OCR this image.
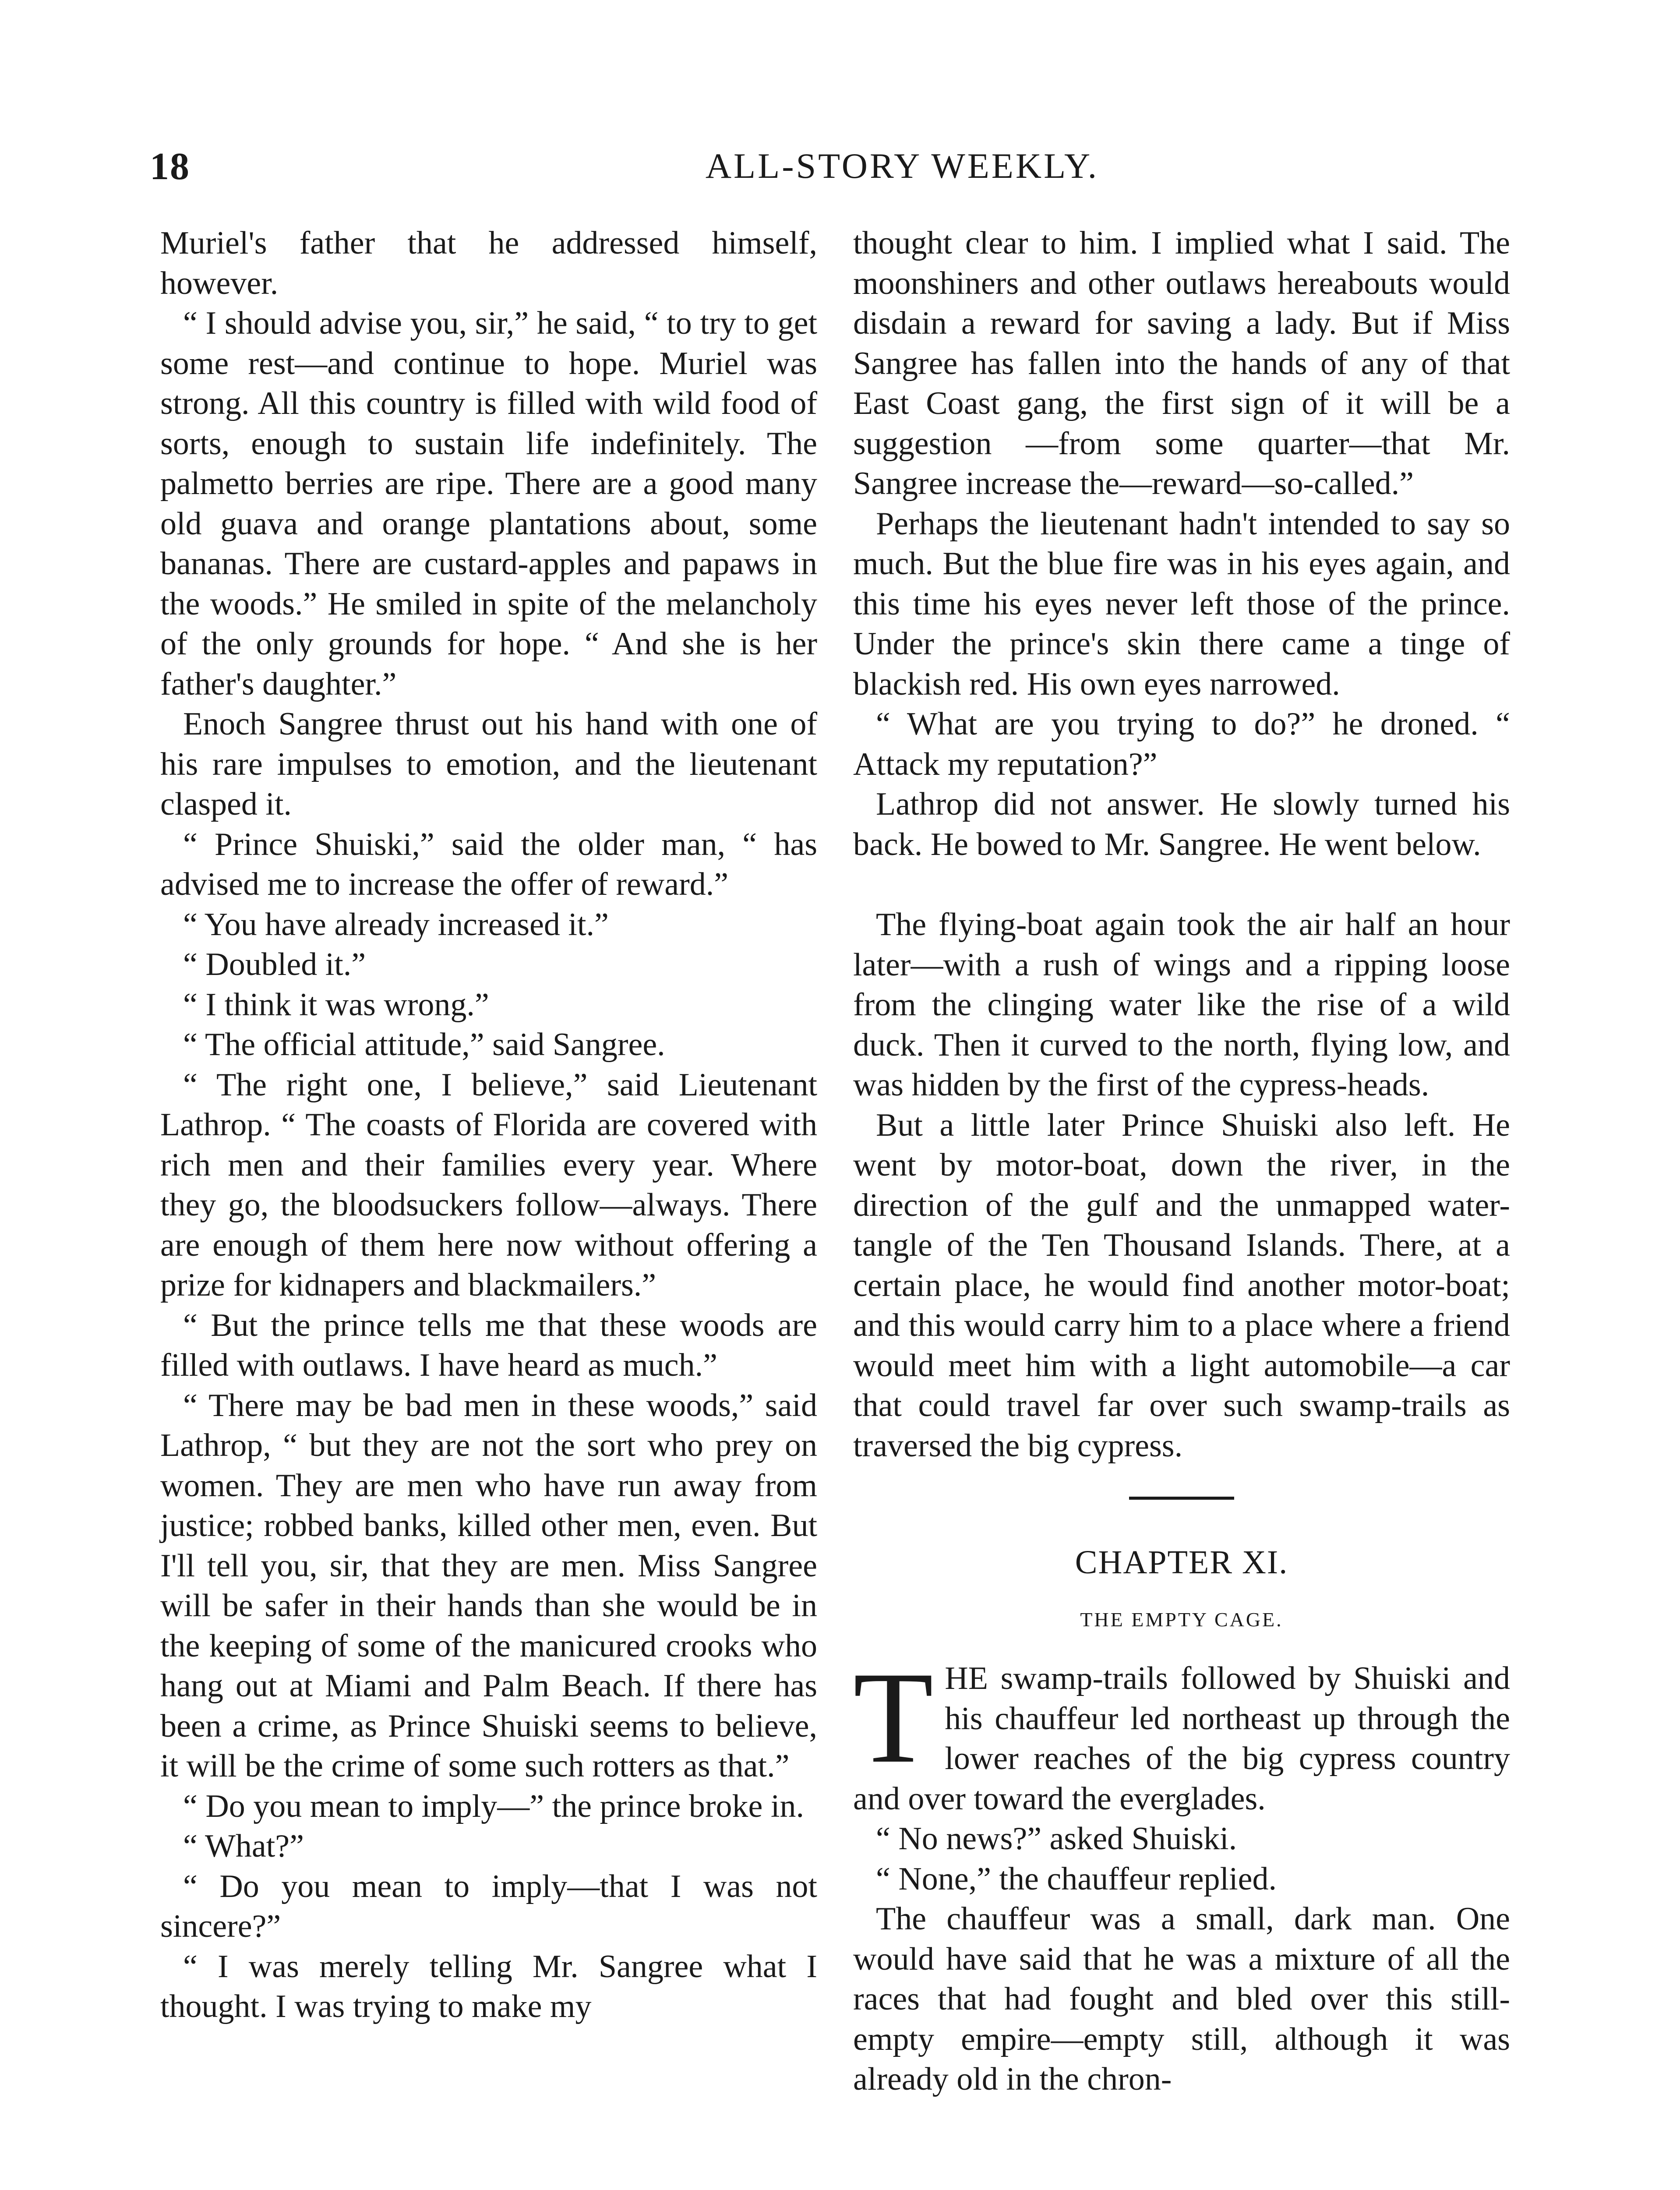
18	ALL-STORY WEEKLY.

Muriel's father that he addressed himself, however.

“ I should advise you, sir,” he said, “ to try to get some rest—and continue to hope. Muriel was strong. All this country is filled with wild food of sorts, enough to sustain life indefinitely. The palmetto berries are ripe. There are a good many old guava and orange plantations about, some bananas. There are custard-apples and papaws in the woods.” He smiled in spite of the melancholy of the only grounds for hope. “ And she is her father's daughter.”

Enoch Sangree thrust out his hand with one of his rare impulses to emotion, and the lieutenant clasped it.

“ Prince Shuiski,” said the older man, “ has advised me to increase the offer of reward.”

“ You have already increased it.”

“ Doubled it.”

“ I think it was wrong.”

“ The official attitude,” said Sangree.

“ The right one, I believe,” said Lieutenant Lathrop. “ The coasts of Florida are covered with rich men and their families every year. Where they go, the bloodsuckers follow—always. There are enough of them here now without offering a prize for kidnapers and blackmailers.”

“ But the prince tells me that these woods are filled with outlaws. I have heard as much.”

“ There may be bad men in these woods,” said Lathrop, “ but they are not the sort who prey on women. They are men who have run away from justice; robbed banks, killed other men, even. But I'll tell you, sir, that they are men. Miss Sangree will be safer in their hands than she would be in the keeping of some of the manicured crooks who hang out at Miami and Palm Beach. If there has been a crime, as Prince Shuiski seems to believe, it will be the crime of some such rotters as that.”

“ Do you mean to imply—” the prince broke in.

“ What?”

“ Do you mean to imply—that I was not sincere?”

“ I was merely telling Mr. Sangree what I thought. I was trying to make my

thought clear to him. I implied what I said. The moonshiners and other outlaws hereabouts would disdain a reward for saving a lady. But if Miss Sangree has fallen into the hands of any of that East Coast gang, the first sign of it will be a suggestion —from some quarter—that Mr. Sangree increase the—reward—so-called.”

Perhaps the lieutenant hadn't intended to say so much. But the blue fire was in his eyes again, and this time his eyes never left those of the prince. Under the prince's skin there came a tinge of blackish red. His own eyes narrowed.

“ What are you trying to do?” he droned. “ Attack my reputation?”

Lathrop did not answer. He slowly turned his back. He bowed to Mr. Sangree. He went below.

The flying-boat again took the air half an hour later—with a rush of wings and a ripping loose from the clinging water like the rise of a wild duck. Then it curved to the north, flying low, and was hidden by the first of the cypress-heads.

But a little later Prince Shuiski also left. He went by motor-boat, down the river, in the direction of the gulf and the unmapped water-tangle of the Ten Thousand Islands. There, at a certain place, he would find another motor-boat; and this would carry him to a place where a friend would meet him with a light automobile—a car that could travel far over such swamp-trails as traversed the big cypress.

CHAPTER XI.
THE EMPTY CAGE.

THE swamp-trails followed by Shuiski and his chauffeur led northeast up through the lower reaches of the big cypress country and over toward the everglades.

“ No news?” asked Shuiski.

“ None,” the chauffeur replied.

The chauffeur was a small, dark man. One would have said that he was a mixture of all the races that had fought and bled over this still-empty empire—empty still, although it was already old in the chron-
